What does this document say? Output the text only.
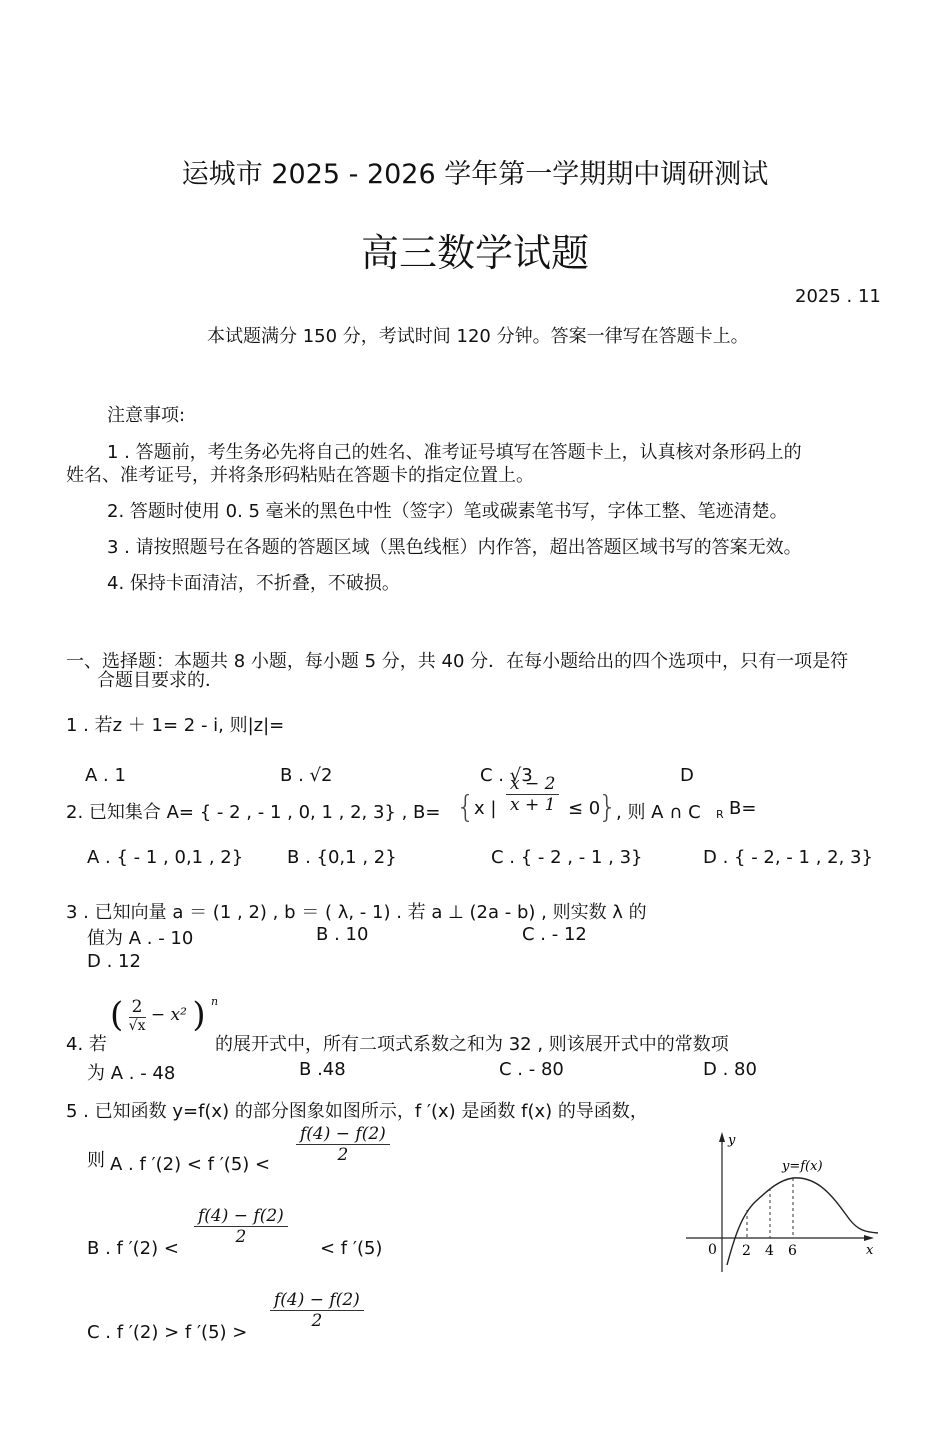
运城市 2025 - 2026 学年第一学期期中调研测试
高三数学试题
2025 . 11
本试题满分 150 分，考试时间 120 分钟。答案一律写在答题卡上。
注意事项:
1 . 答题前，考生务必先将自己的姓名、准考证号填写在答题卡上，认真核对条形码上的
姓名、准考证号，并将条形码粘贴在答题卡的指定位置上。
2. 答题时使用 0. 5 毫米的黑色中性（签字）笔或碳素笔书写，字体工整、笔迹清楚。
3 . 请按照题号在各题的答题区域（黑色线框）内作答，超出答题区域书写的答案无效。
4. 保持卡面清洁，不折叠，不破损。
一、选择题：本题共 8 小题，每小题 5 分，共 40 分．在每小题给出的四个选项中，只有一项是符
合题目要求的．
1 . 若z ＋ 1= 2 - i, 则|z|=
A . 1	B . √2	C . √3	D
2. 已知集合 A= { - 2 , - 1 , 0, 1 , 2, 3} , B= {
x | $\frac{x - 2}{x + 1} \le 0$
}
, 则 A ∩ C R B=
A . { - 1 , 0,1 , 2} B . {0,1 , 2}	C . { - 2 , - 1 , 3}	D . { - 2, - 1 , 2, 3}
3 . 已知向量 a ＝ (1 , 2) , b ＝ ( λ, - 1) . 若 a ⊥ (2a - b) , 则实数 λ 的
值为 A . - 10	B . 10	C . - 12
D . 12
( 2
√x
− x² ) $^n$
4. 若	的展开式中，所有二项式系数之和为 32 , 则该展开式中的常数项
为 A . - 48	B .48	C . - 80	D . 80
5 . 已知函数 y=f(x) 的部分图象如图所示，f ′(x) 是函数 f(x) 的导函数，
则 A . f ′(2) < f $'(5) < \frac{f(4) - f(2)}{2}$
B . f ′(2) <
$\frac{f(4) - f(2)}{2}$
< f ′(5)
C . f ′(2) > f ′(5) >
$\frac{f(4) - f(2)}{2}$
y
x
0 2 4 6
y=f(x)
